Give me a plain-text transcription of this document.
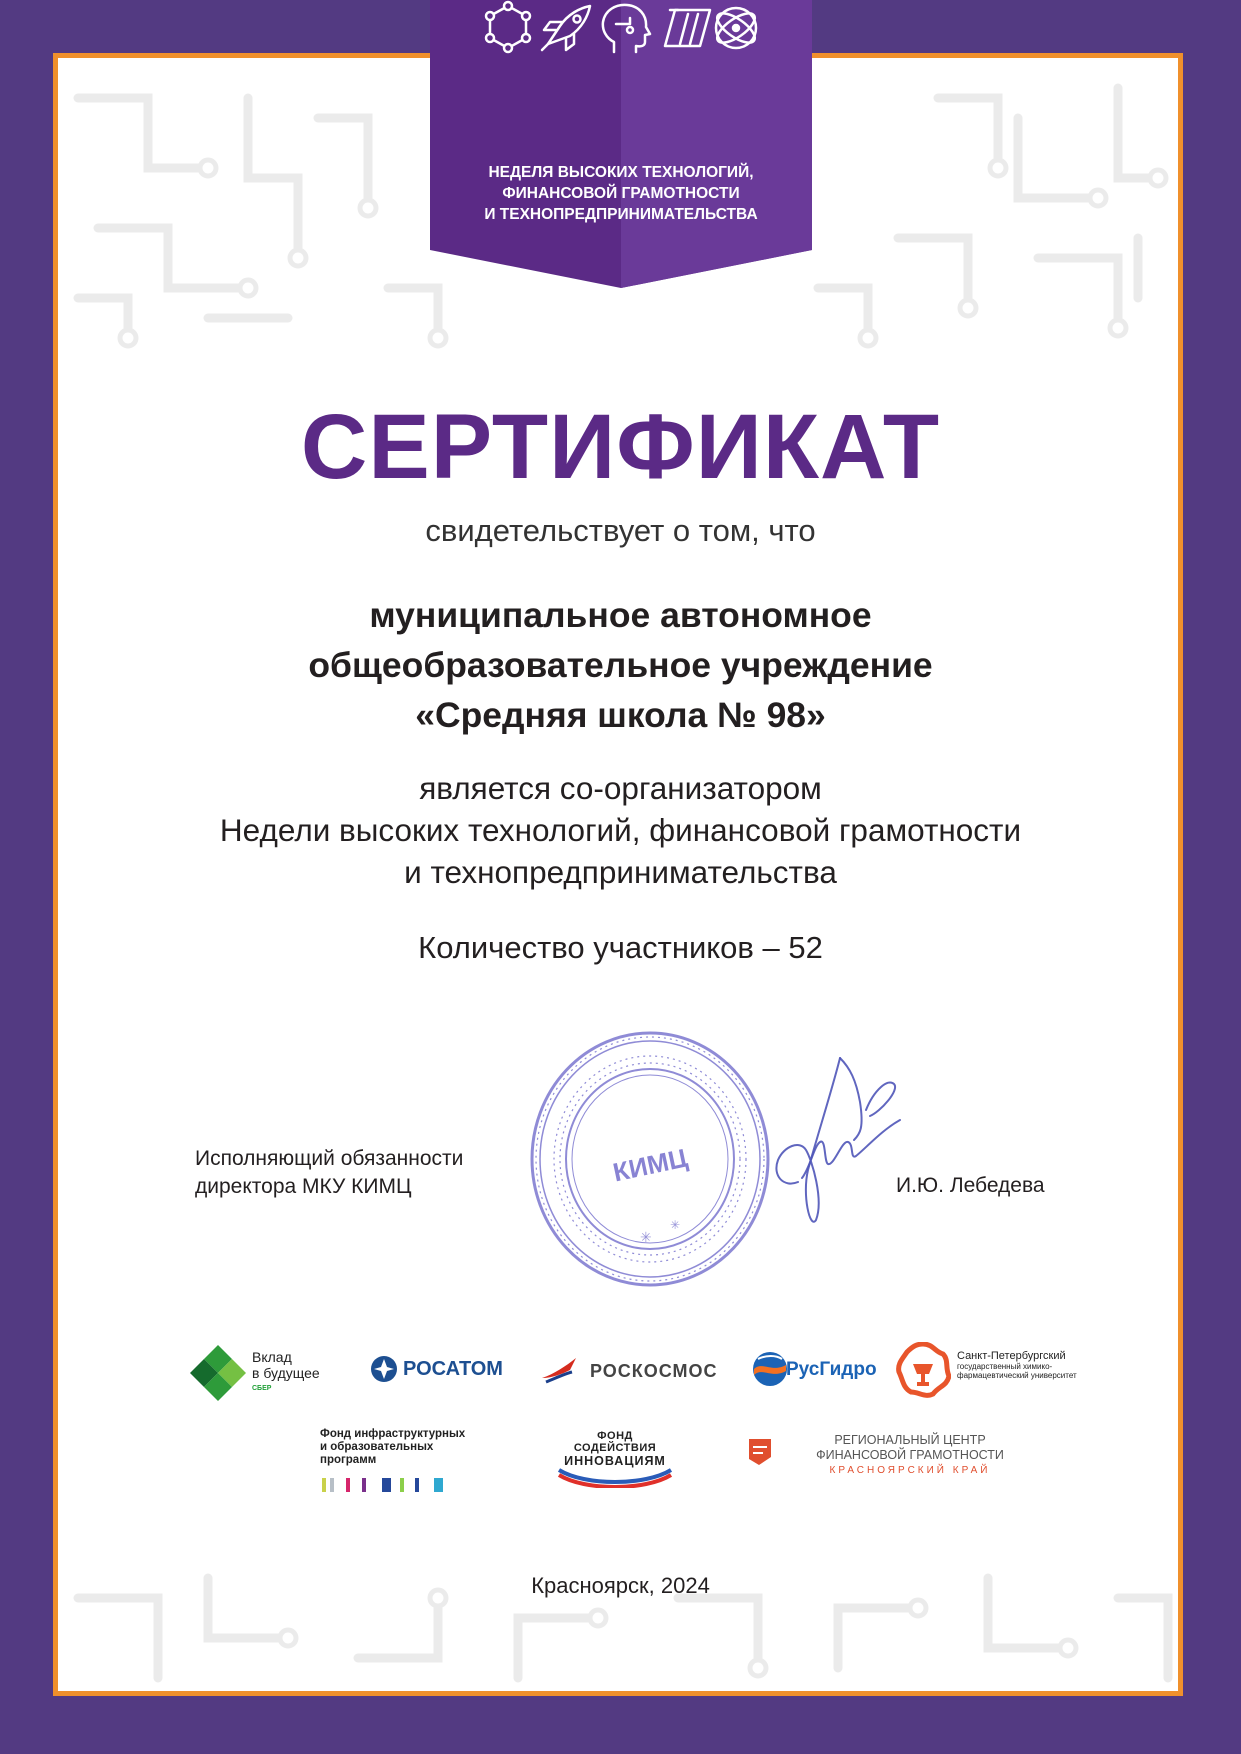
НЕДЕЛЯ ВЫСОКИХ ТЕХНОЛОГИЙ,
ФИНАНСОВОЙ ГРАМОТНОСТИ
И ТЕХНОПРЕДПРИНИМАТЕЛЬСТВА
СЕРТИФИКАТ
свидетельствует о том, что
муниципальное автономное
общеобразовательное учреждение
«Средняя школа № 98»
является со-организатором
Недели высоких технологий, финансовой грамотности
и технопредпринимательства
Количество участников – 52
Исполняющий обязанности
директора МКУ КИМЦ	КИМЦ
✳
✳
И.Ю. Лебедева
Вклад
в будущее
СБЕР
РОСАТОМ	РОСКОСМОС	РусГидро
Санкт-Петербургский
государственный химико-
фармацевтический университет
Фонд инфраструктурных
и образовательных
программ
ФОНД СОДЕЙСТВИЯ
ИННОВАЦИЯМ
РЕГИОНАЛЬНЫЙ ЦЕНТР
ФИНАНСОВОЙ ГРАМОТНОСТИ
КРАСНОЯРСКИЙ КРАЙ
Красноярск, 2024
